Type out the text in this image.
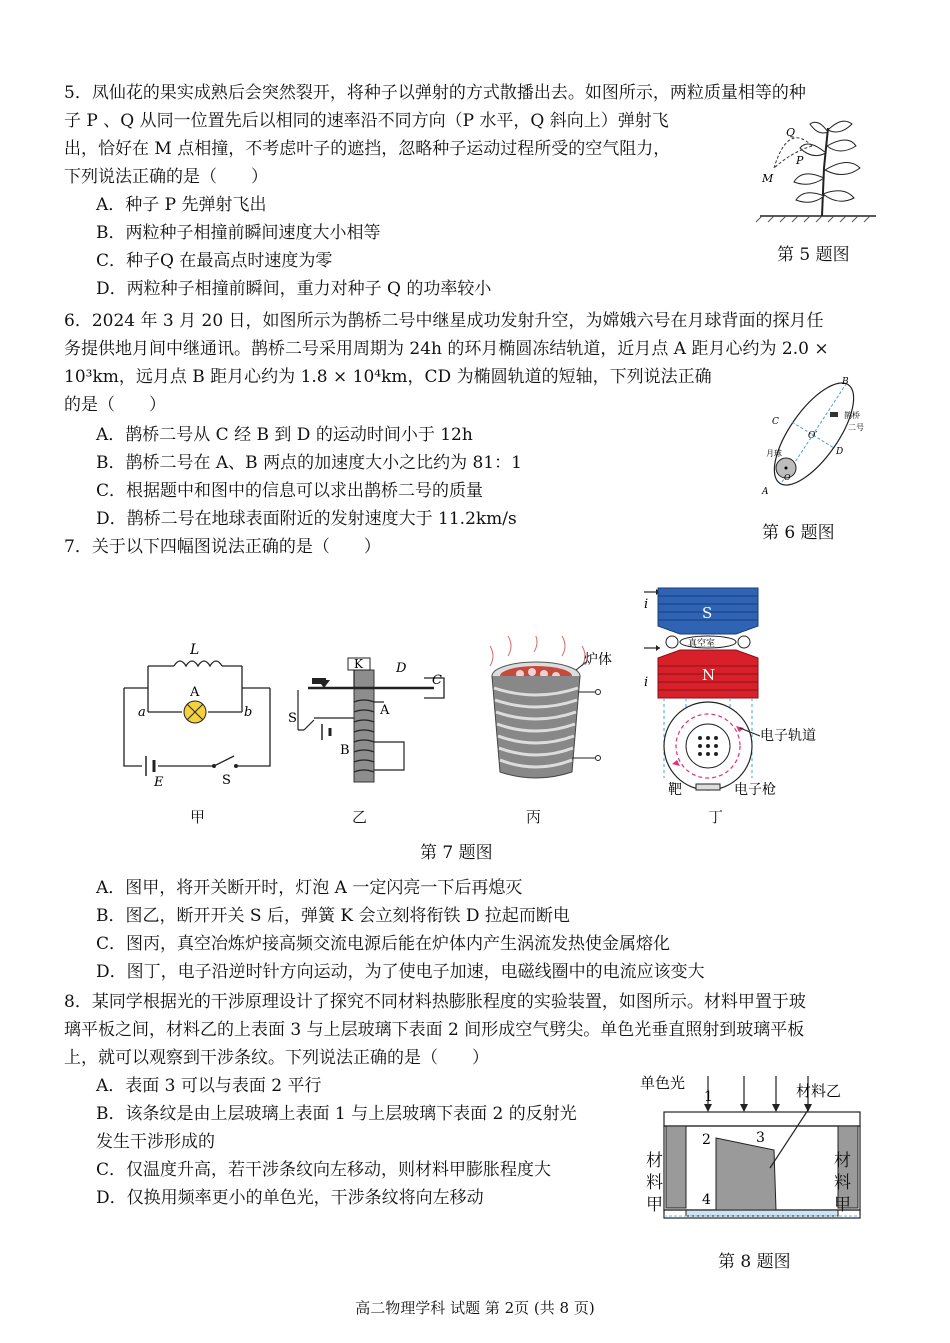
5．凤仙花的果实成熟后会突然裂开，将种子以弹射的方式散播出去。如图所示，两粒质量相等的种
子 P 、Q 从同一位置先后以相同的速率沿不同方向（P 水平，Q 斜向上）弹射飞
出，恰好在 M 点相撞，不考虑叶子的遮挡，忽略种子运动过程所受的空气阻力，
下列说法正确的是（　　）
A．种子 P 先弹射飞出
B．两粒种子相撞前瞬间速度大小相等
C．种子Q 在最高点时速度为零
D．两粒种子相撞前瞬间，重力对种子 Q 的功率较小
Q
P
M
第 5 题图
6．2024 年 3 月 20 日，如图所示为鹊桥二号中继星成功发射升空，为嫦娥六号在月球背面的探月任
务提供地月间中继通讯。鹊桥二号采用周期为 24h 的环月椭圆冻结轨道，近月点 A 距月心约为 2.0 ×
10³km，远月点 B 距月心约为 1.8 × 10⁴km，CD 为椭圆轨道的短轴，下列说法正确
的是（　　）
A．鹊桥二号从 C 经 B 到 D 的运动时间小于 12h
B．鹊桥二号在 A、B 两点的加速度大小之比约为 81：1
C．根据题中和图中的信息可以求出鹊桥二号的质量
D．鹊桥二号在地球表面附近的发射速度大于 11.2km/s
B
C
O′
D
月球
O
A
鹊桥
二号
第 6 题图
7．关于以下四幅图说法正确的是（　　）
L
A
a	b
E	S
K	D
C
A
S
B
炉体
S
真空室
N
i
i
电子轨道
靶	电子枪
甲	乙	丙	丁
第 7 题图
A．图甲，将开关断开时，灯泡 A 一定闪亮一下后再熄灭
B．图乙，断开开关 S 后，弹簧 K 会立刻将衔铁 D 拉起而断电
C．图丙，真空冶炼炉接高频交流电源后能在炉体内产生涡流发热使金属熔化
D．图丁，电子沿逆时针方向运动，为了使电子加速，电磁线圈中的电流应该变大
8．某同学根据光的干涉原理设计了探究不同材料热膨胀程度的实验装置，如图所示。材料甲置于玻
璃平板之间，材料乙的上表面 3 与上层玻璃下表面 2 间形成空气劈尖。单色光垂直照射到玻璃平板
上，就可以观察到干涉条纹。下列说法正确的是（　　）
A．表面 3 可以与表面 2 平行
B．该条纹是由上层玻璃上表面 1 与上层玻璃下表面 2 的反射光
发生干涉形成的
C．仅温度升高，若干涉条纹向左移动，则材料甲膨胀程度大
D．仅换用频率更小的单色光，干涉条纹将向左移动
单色光
1	材料乙
2	3
4
材料甲
材料甲
第 8 题图
高二物理学科 试题 第 2页 (共 8 页)
